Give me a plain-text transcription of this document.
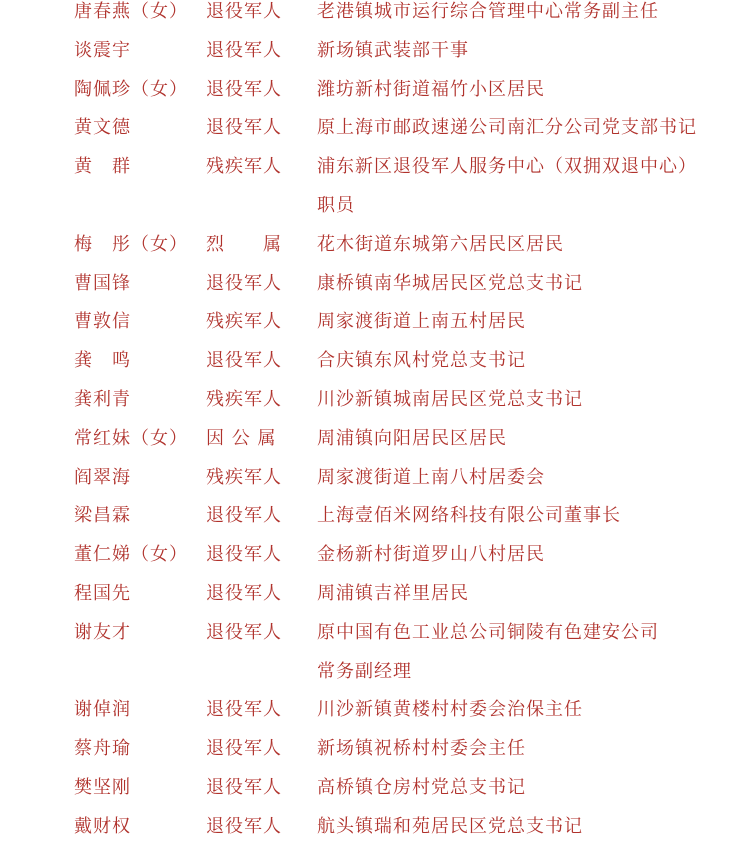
唐春燕（女） 退役军人 老港镇城市运行综合管理中心常务副主任
谈震宇	退役军人 新场镇武装部干事
陶佩珍（女） 退役军人 潍坊新村街道福竹小区居民
黄文德	退役军人 原上海市邮政速递公司南汇分公司党支部书记
黄　群	残疾军人 浦东新区退役军人服务中心（双拥双退中心）
职员
梅　彤（女） 烈　　属 花木街道东城第六居民区居民
曹国锋	退役军人 康桥镇南华城居民区党总支书记
曹敦信	残疾军人 周家渡街道上南五村居民
龚　鸣	退役军人 合庆镇东风村党总支书记
龚利青	残疾军人 川沙新镇城南居民区党总支书记
常红妹（女） 因 公 属 周浦镇向阳居民区居民
阎翠海	残疾军人 周家渡街道上南八村居委会
梁昌霖	退役军人 上海壹佰米网络科技有限公司董事长
董仁娣（女） 退役军人 金杨新村街道罗山八村居民
程国先	退役军人 周浦镇吉祥里居民
谢友才	退役军人 原中国有色工业总公司铜陵有色建安公司
常务副经理
谢倬润	退役军人 川沙新镇黄楼村村委会治保主任
蔡舟瑜	退役军人 新场镇祝桥村村委会主任
樊坚刚	退役军人 高桥镇仓房村党总支书记
戴财权	退役军人 航头镇瑞和苑居民区党总支书记
